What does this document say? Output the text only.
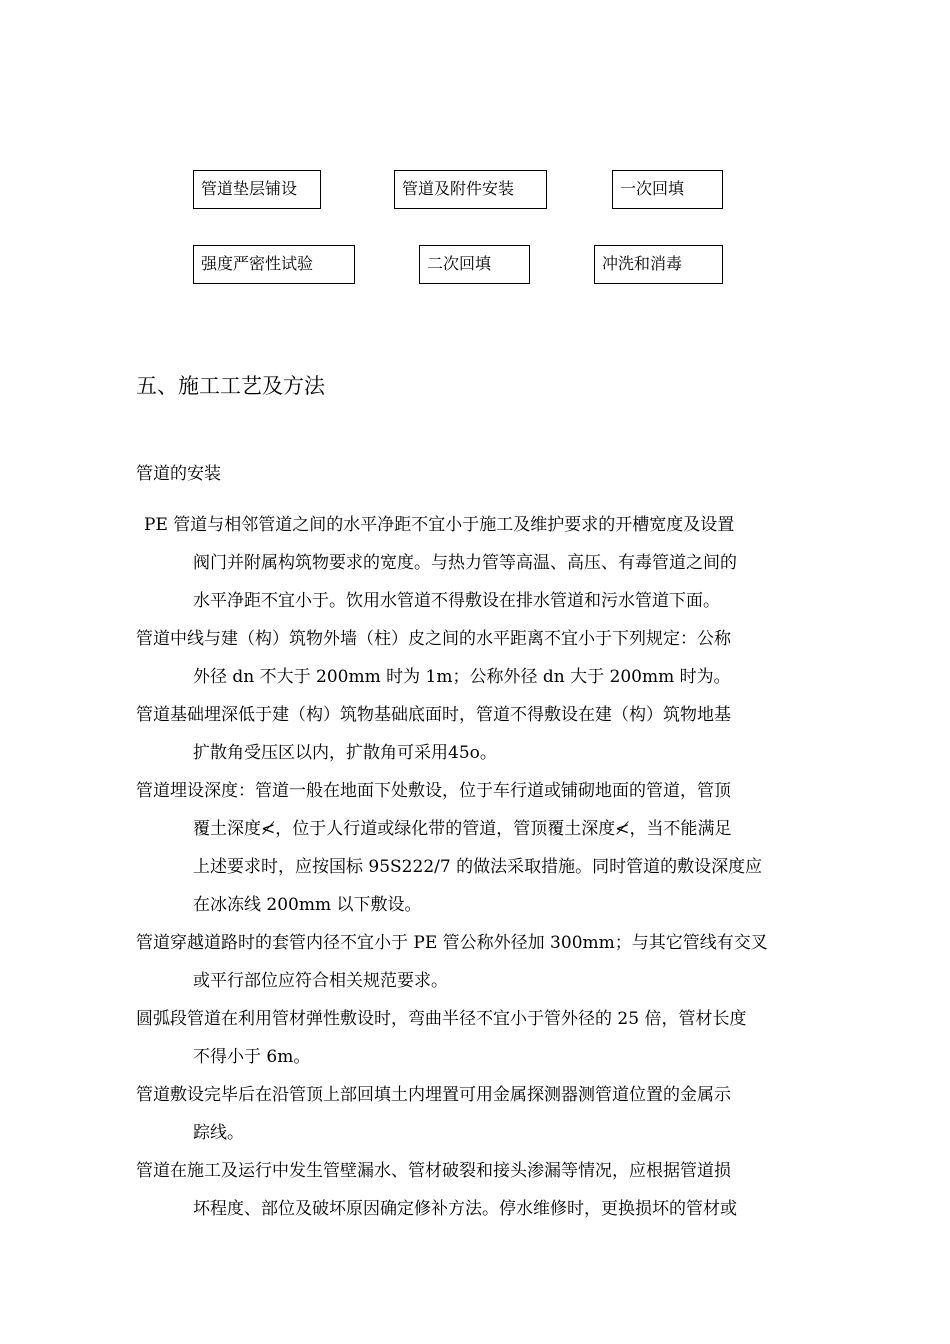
管道垫层铺设	管道及附件安装	一次回填
强度严密性试验	二次回填	冲洗和消毒
五、施工工艺及方法
管道的安装
PE 管道与相邻管道之间的水平净距不宜小于施工及维护要求的开槽宽度及设置
阀门并附属构筑物要求的宽度。与热力管等高温、高压、有毒管道之间的
水平净距不宜小于。饮用水管道不得敷设在排水管道和污水管道下面。
管道中线与建（构）筑物外墙（柱）皮之间的水平距离不宜小于下列规定：公称
外径 dn 不大于 200mm 时为 1m；公称外径 dn 大于 200mm 时为。
管道基础埋深低于建（构）筑物基础底面时，管道不得敷设在建（构）筑物地基
扩散角受压区以内，扩散角可采用45o。
管道埋设深度：管道一般在地面下处敷设，位于车行道或铺砌地面的管道，管顶
覆土深度≮，位于人行道或绿化带的管道，管顶覆土深度≮，当不能满足
上述要求时，应按国标 95S222/7 的做法采取措施。同时管道的敷设深度应
在冰冻线 200mm 以下敷设。
管道穿越道路时的套管内径不宜小于 PE 管公称外径加 300mm；与其它管线有交叉
或平行部位应符合相关规范要求。
圆弧段管道在利用管材弹性敷设时，弯曲半径不宜小于管外径的 25 倍，管材长度
不得小于 6m。
管道敷设完毕后在沿管顶上部回填土内埋置可用金属探测器测管道位置的金属示
踪线。
管道在施工及运行中发生管壁漏水、管材破裂和接头渗漏等情况，应根据管道损
坏程度、部位及破坏原因确定修补方法。停水维修时，更换损坏的管材或
